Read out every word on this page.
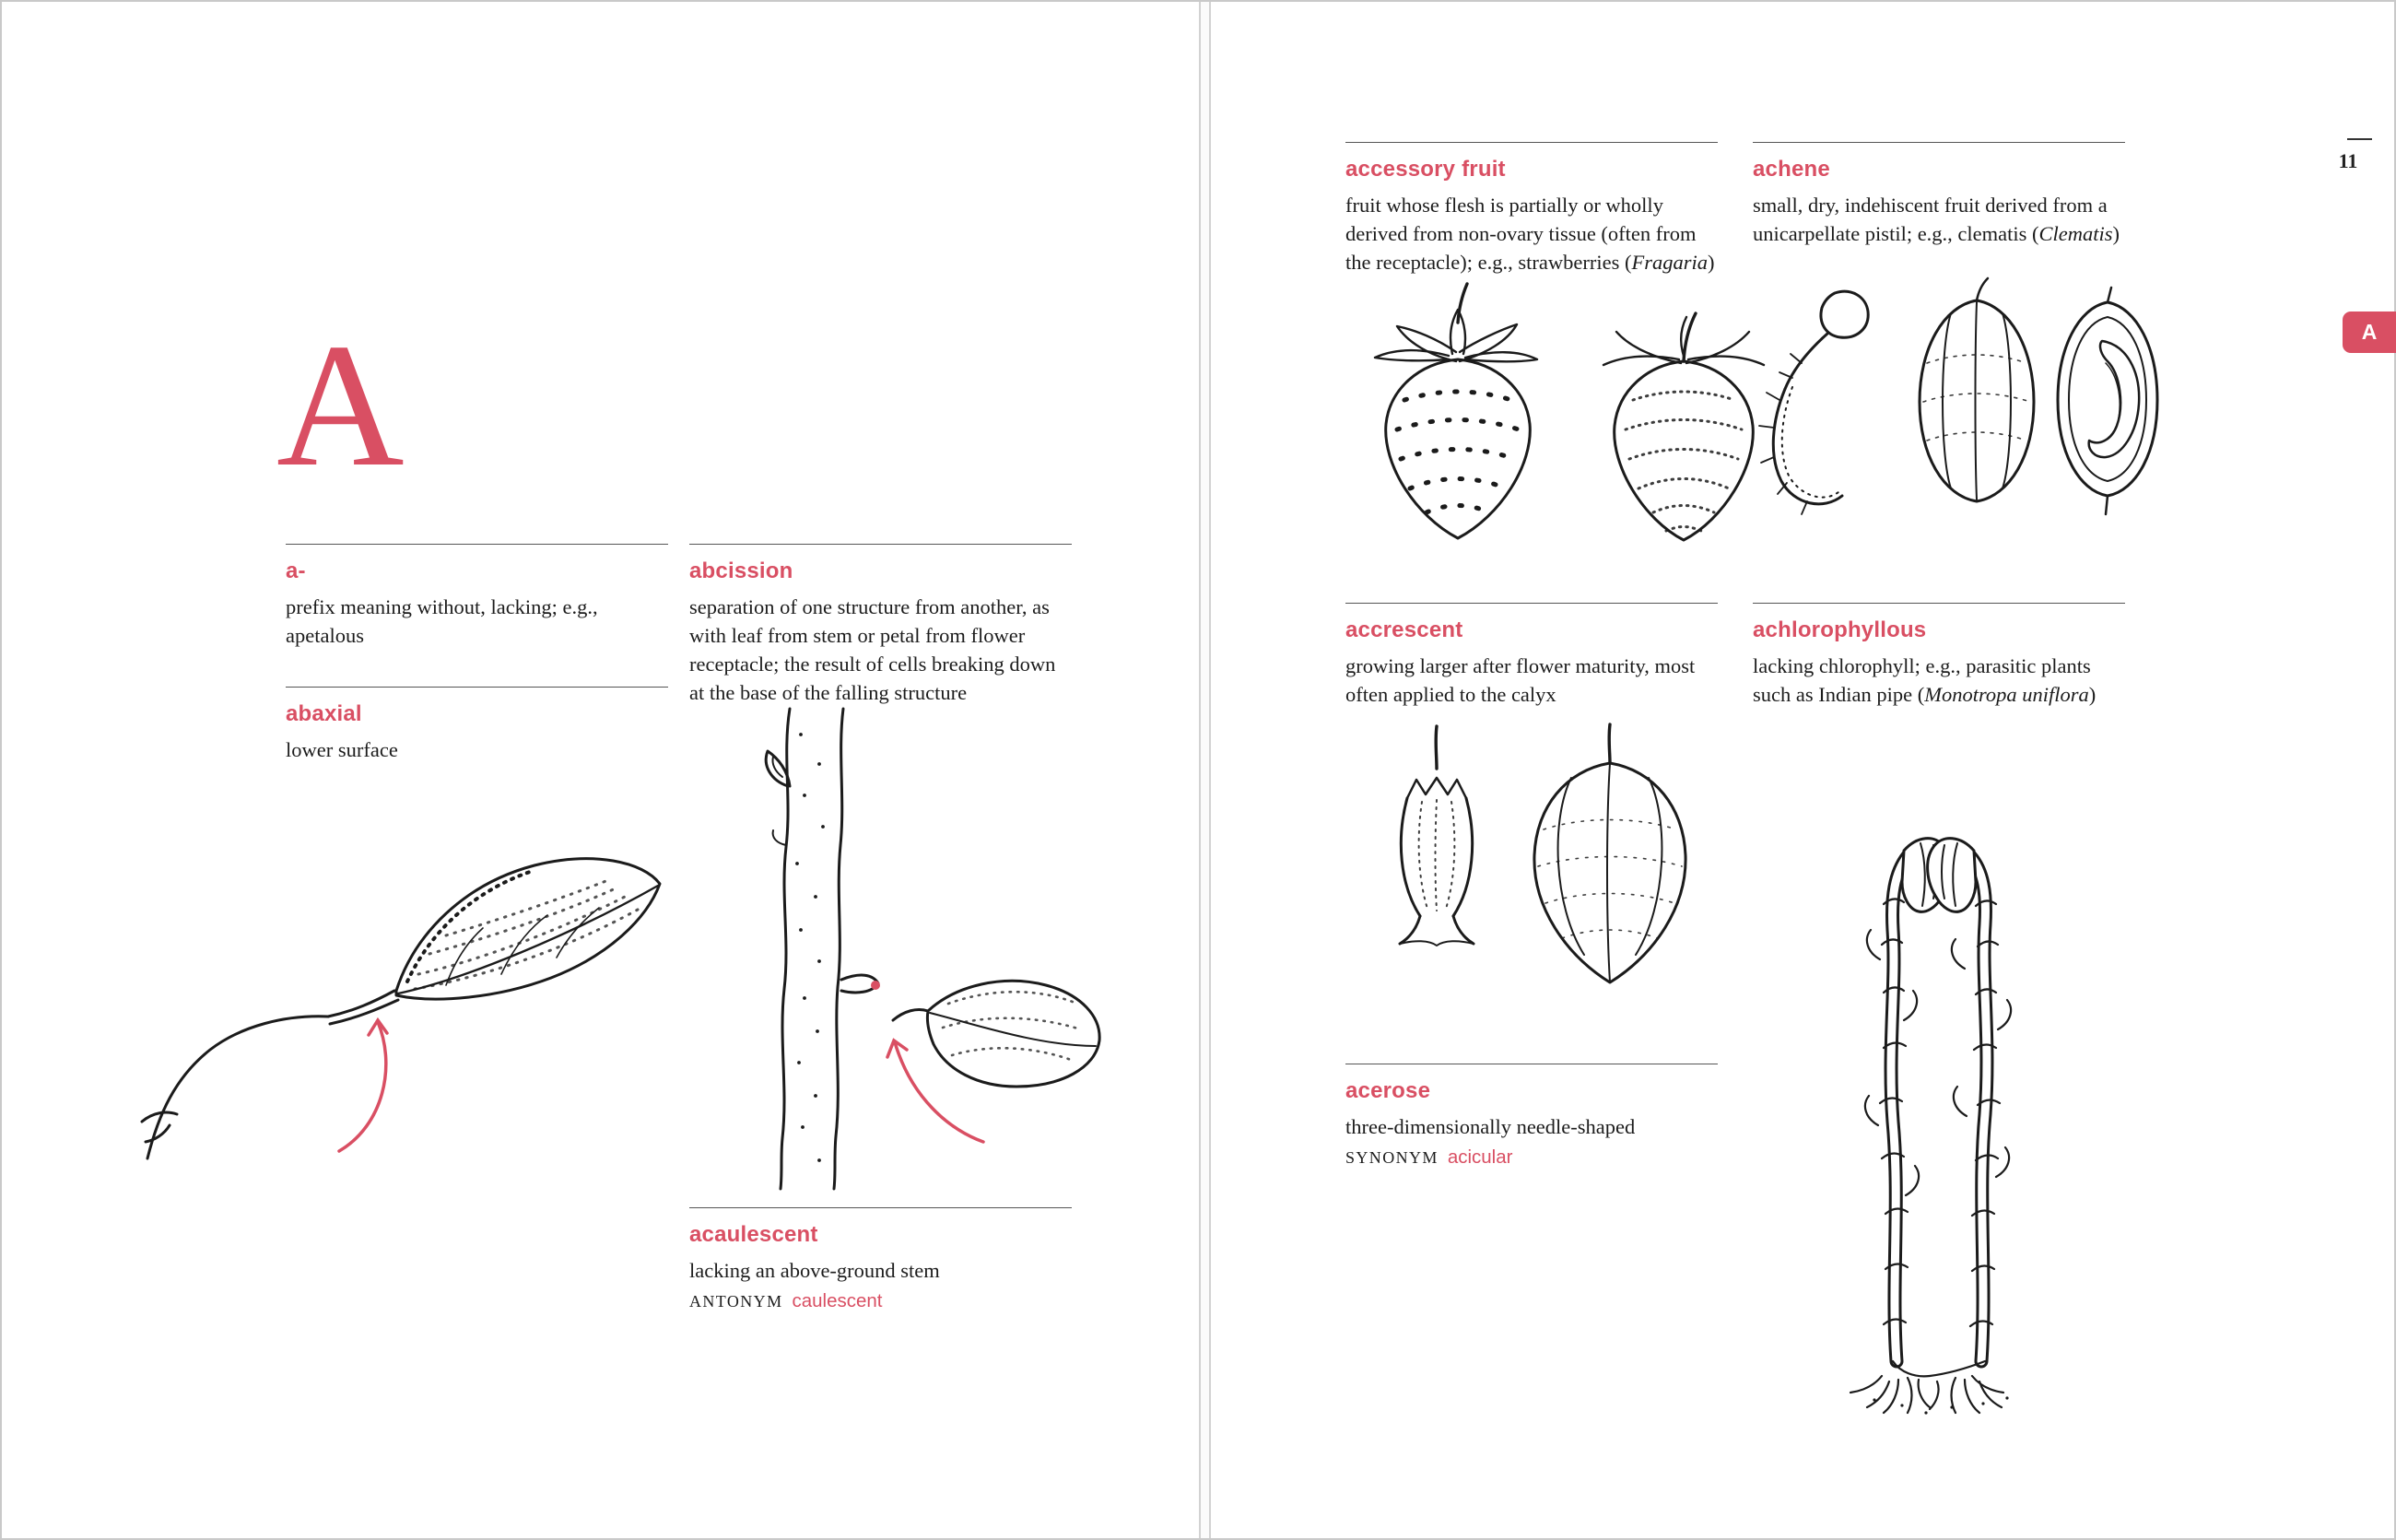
A
a-

prefix meaning without, lacking; e.g., apetalous

abaxial

lower surface

abcission

separation of one structure from another, as with leaf from stem or petal from flower receptacle; the result of cells breaking down at the base of the falling structure

acaulescent

lacking an above-ground stem

ANTONYM caulescent

11
A
accessory fruit

fruit whose flesh is partially or wholly derived from non-ovary tissue (often from the receptacle); e.g., strawberries (Fragaria)

achene

small, dry, indehiscent fruit derived from a unicarpellate pistil; e.g., clematis (Clematis)

accrescent

growing larger after flower maturity, most often applied to the calyx

achlorophyllous

lacking chlorophyll; e.g., parasitic plants such as Indian pipe (Monotropa uniflora)

acerose

three-dimensionally needle-shaped

SYNONYM acicular
